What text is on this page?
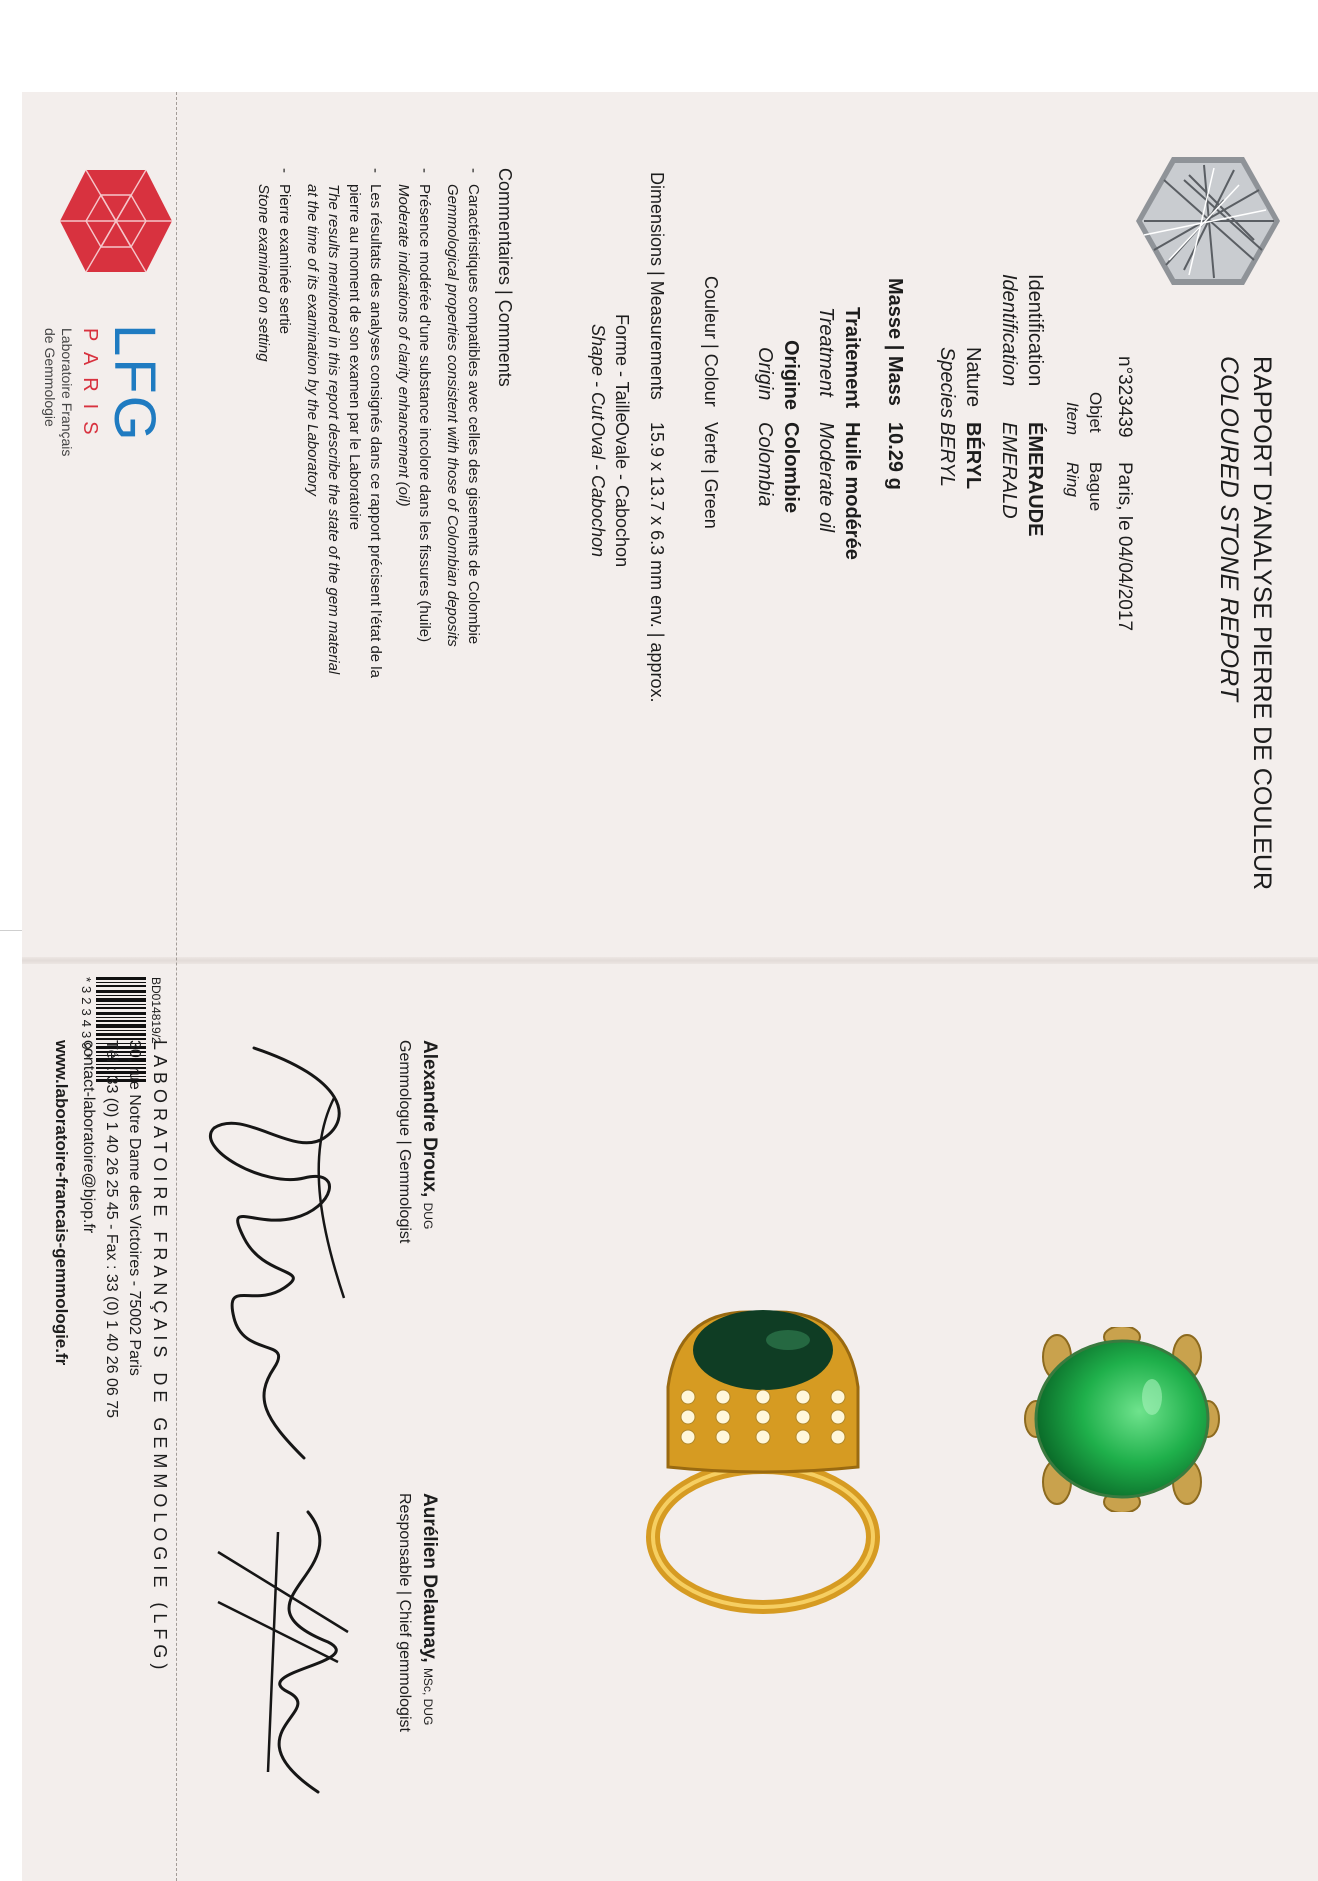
RAPPORT D'ANALYSE PIERRE DE COULEUR
COLOURED STONE REPORT
n°323439
Paris, le 04/04/2017
Objet
Bague
Item
Ring
Identification
ÉMERAUDE
Identification
EMERALD
Nature
BÉRYL
Species
BERYL
Masse | Mass
10.29 g
Traitement
Huile modérée
Treatment
Moderate oil
Origine
Colombie
Origin
Colombia
Couleur | Colour
Verte | Green
Dimensions | Measurements
15.9 x 13.7 x 6.3 mm env. | approx.
Forme - Taille
Ovale - Cabochon
Shape - Cut
Oval - Cabochon
Commentaires | Comments
-
Caractéristiques compatibles avec celles des gisements de Colombie
Gemmological properties consistent with those of Colombian deposits
-
Présence modérée d'une substance incolore dans les fissures (huile)
Moderate indications of clarity enhancement (oil)
-
Les résultats des analyses consignés dans ce rapport précisent l'état de la
pierre au moment de son examen par le Laboratoire
The results mentioned in this report describe the state of the gem material
at the time of its examination by the Laboratory
-
Pierre examinée sertie
Stone examined on setting
LFG
PARIS
Laboratoire Français
de Gemmologie
Alexandre Droux, DUG
Gemmologue | Gemmologist
Aurélien Delaunay, MSc, DUG
Responsable | Chief gemmologist
BD014819/2
*323439*
LABORATOIRE FRANÇAIS DE GEMMOLOGIE (LFG)
30, rue Notre Dame des Victoires - 75002 Paris
Tél : 33 (0) 1 40 26 25 45 - Fax : 33 (0) 1 40 26 06 75
contact-laboratoire@bjop.fr
www.laboratoire-francais-gemmologie.fr
